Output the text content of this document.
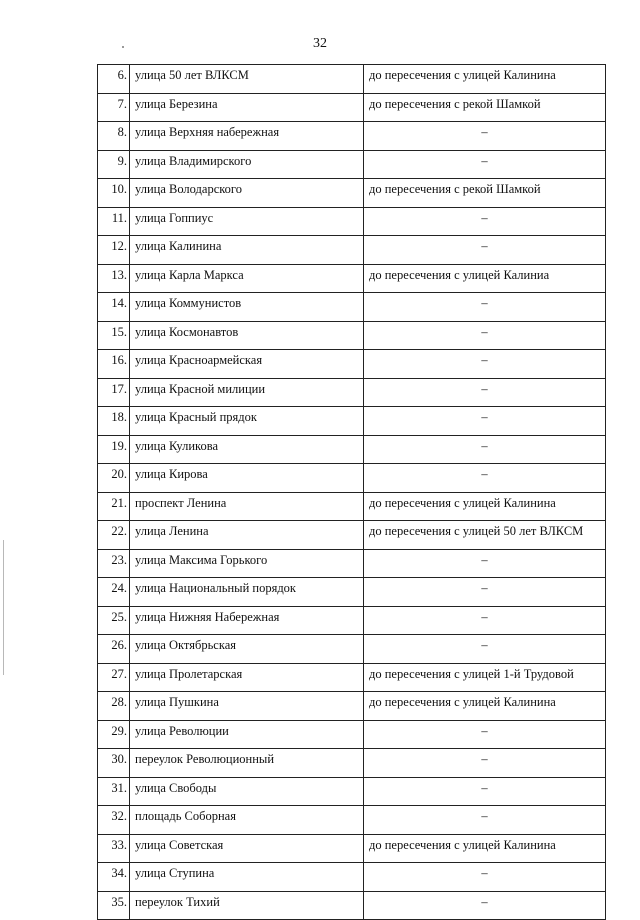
32
6.	улица 50 лет ВЛКСМ	до пересечения с улицей Калинина
7.	улица Березина	до пересечения с рекой Шамкой
8.	улица Верхняя набережная	–
9.	улица Владимирского	–
10.	улица Володарского	до пересечения с рекой Шамкой
11.	улица Гоппиус	–
12.	улица Калинина	–
13.	улица Карла Маркса	до пересечения с улицей Калиниа
14.	улица Коммунистов	–
15.	улица Космонавтов	–
16.	улица Красноармейская	–
17.	улица Красной милиции	–
18.	улица Красный прядок	–
19.	улица Куликова	–
20.	улица Кирова	–
21.	проспект Ленина	до пересечения с улицей Калинина
22.	улица Ленина	до пересечения с улицей 50 лет ВЛКСМ
23.	улица Максима Горького	–
24.	улица Национальный порядок	–
25.	улица Нижняя Набережная	–
26.	улица Октябрьская	–
27.	улица Пролетарская	до пересечения с улицей 1-й Трудовой
28.	улица Пушкина	до пересечения с улицей Калинина
29.	улица Революции	–
30.	переулок Революционный	–
31.	улица Свободы	–
32.	площадь Соборная	–
33.	улица Советская	до пересечения с улицей Калинина
34.	улица Ступина	–
35.	переулок Тихий	–
